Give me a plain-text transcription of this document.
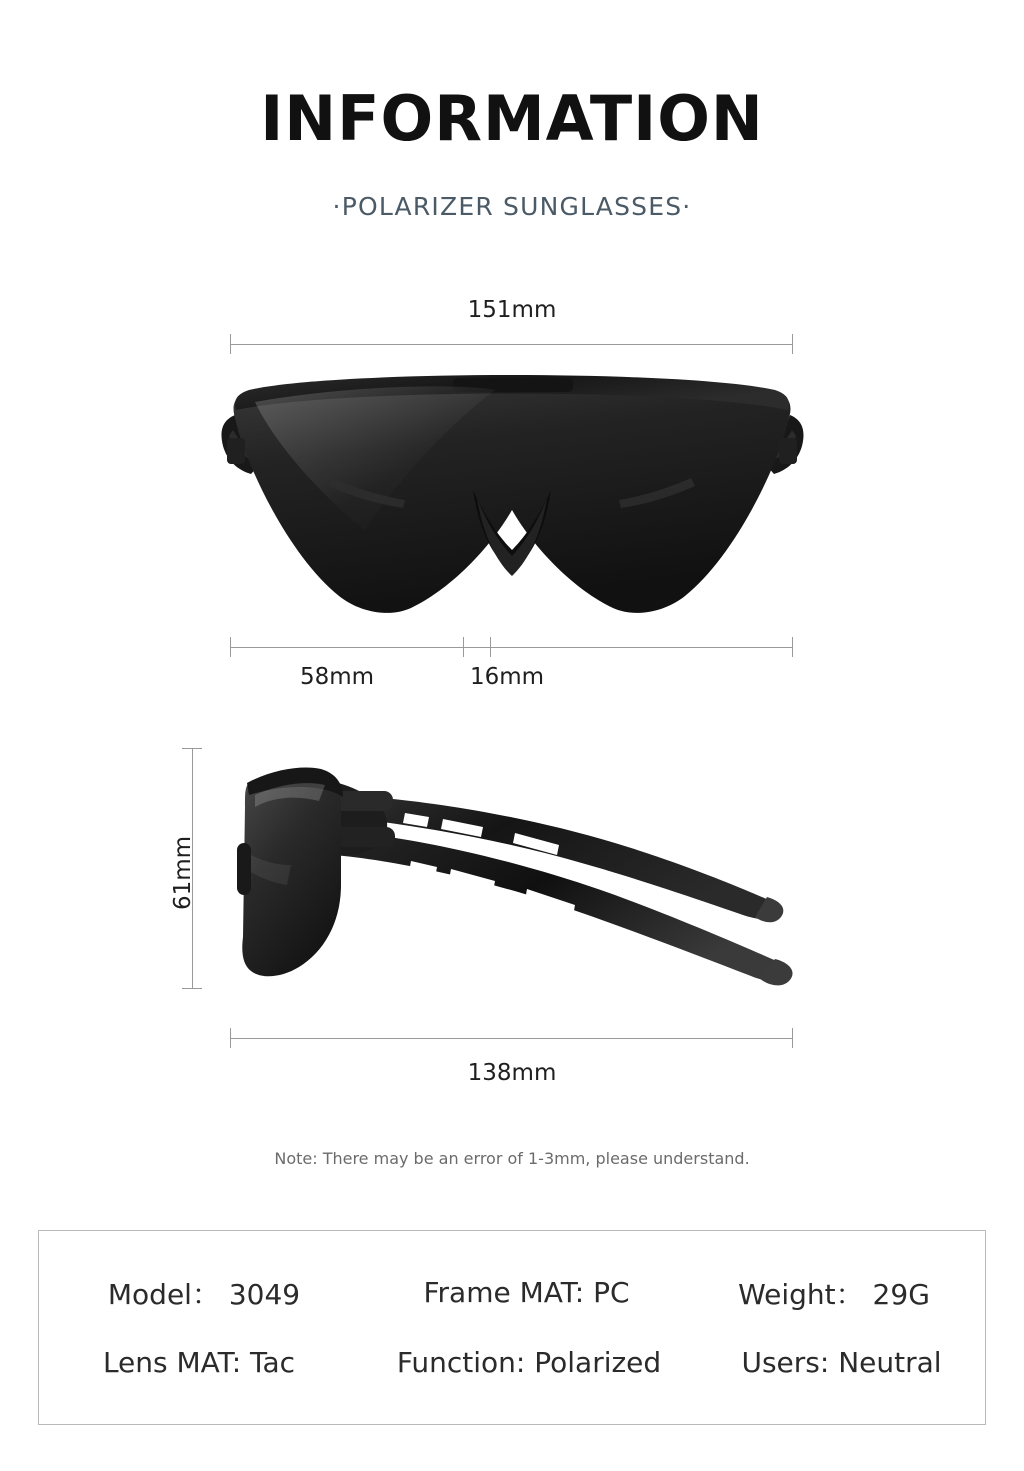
INFORMATION
·POLARIZER SUNGLASSES·
151mm
58mm	16mm
61mm
138mm
Note: There may be an error of 1-3mm, please understand.
Model： 3049	Frame MAT: PC	Weight： 29G
Lens MAT: Tac	Function: Polarized	Users: Neutral
